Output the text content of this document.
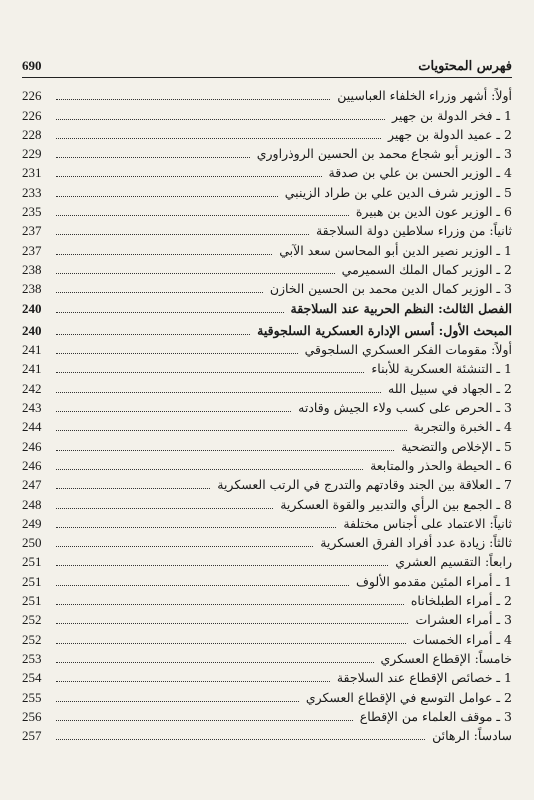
690	فهرس المحتويات
أولاً: أشهر وزراء الخلفاء العباسيين
226
1 ـ فخر الدولة بن جهير
226
2 ـ عميد الدولة بن جهير
228
3 ـ الوزير أبو شجاع محمد بن الحسين الروذراوري
229
4 ـ الوزير الحسن بن علي بن صدقة
231
5 ـ الوزير شرف الدين علي بن طراد الزينبي
233
6 ـ الوزير عون الدين بن هبيرة
235
ثانياً: من وزراء سلاطين دولة السلاجقة
237
1 ـ الوزير نصير الدين أبو المحاسن سعد الآبي
237
2 ـ الوزير كمال الملك السميرمي
238
3 ـ الوزير كمال الدين محمد بن الحسين الخازن
238
الفصل الثالث: النظم الحربية عند السلاجقة
240
المبحث الأول: أسس الإدارة العسكرية السلجوقية
240
أولاً: مقومات الفكر العسكري السلجوقي
241
1 ـ التنشئة العسكرية للأبناء
241
2 ـ الجهاد في سبيل الله
242
3 ـ الحرص على كسب ولاء الجيش وقادته
243
4 ـ الخبرة والتجربة
244
5 ـ الإخلاص والتضحية
246
6 ـ الحيطة والحذر والمتابعة
246
7 ـ العلاقة بين الجند وقادتهم والتدرج في الرتب العسكرية
247
8 ـ الجمع بين الرأي والتدبير والقوة العسكرية
248
ثانياً: الاعتماد على أجناس مختلفة
249
ثالثاً: زيادة عدد أفراد الفرق العسكرية
250
رابعاً: التقسيم العشري
251
1 ـ أمراء المئين مقدمو الألوف
251
2 ـ أمراء الطبلخاناه
251
3 ـ أمراء العشرات
252
4 ـ أمراء الخمسات
252
خامساً: الإقطاع العسكري
253
1 ـ خصائص الإقطاع عند السلاجقة
254
2 ـ عوامل التوسع في الإقطاع العسكري
255
3 ـ موقف العلماء من الإقطاع
256
سادساً: الرهائن
257
